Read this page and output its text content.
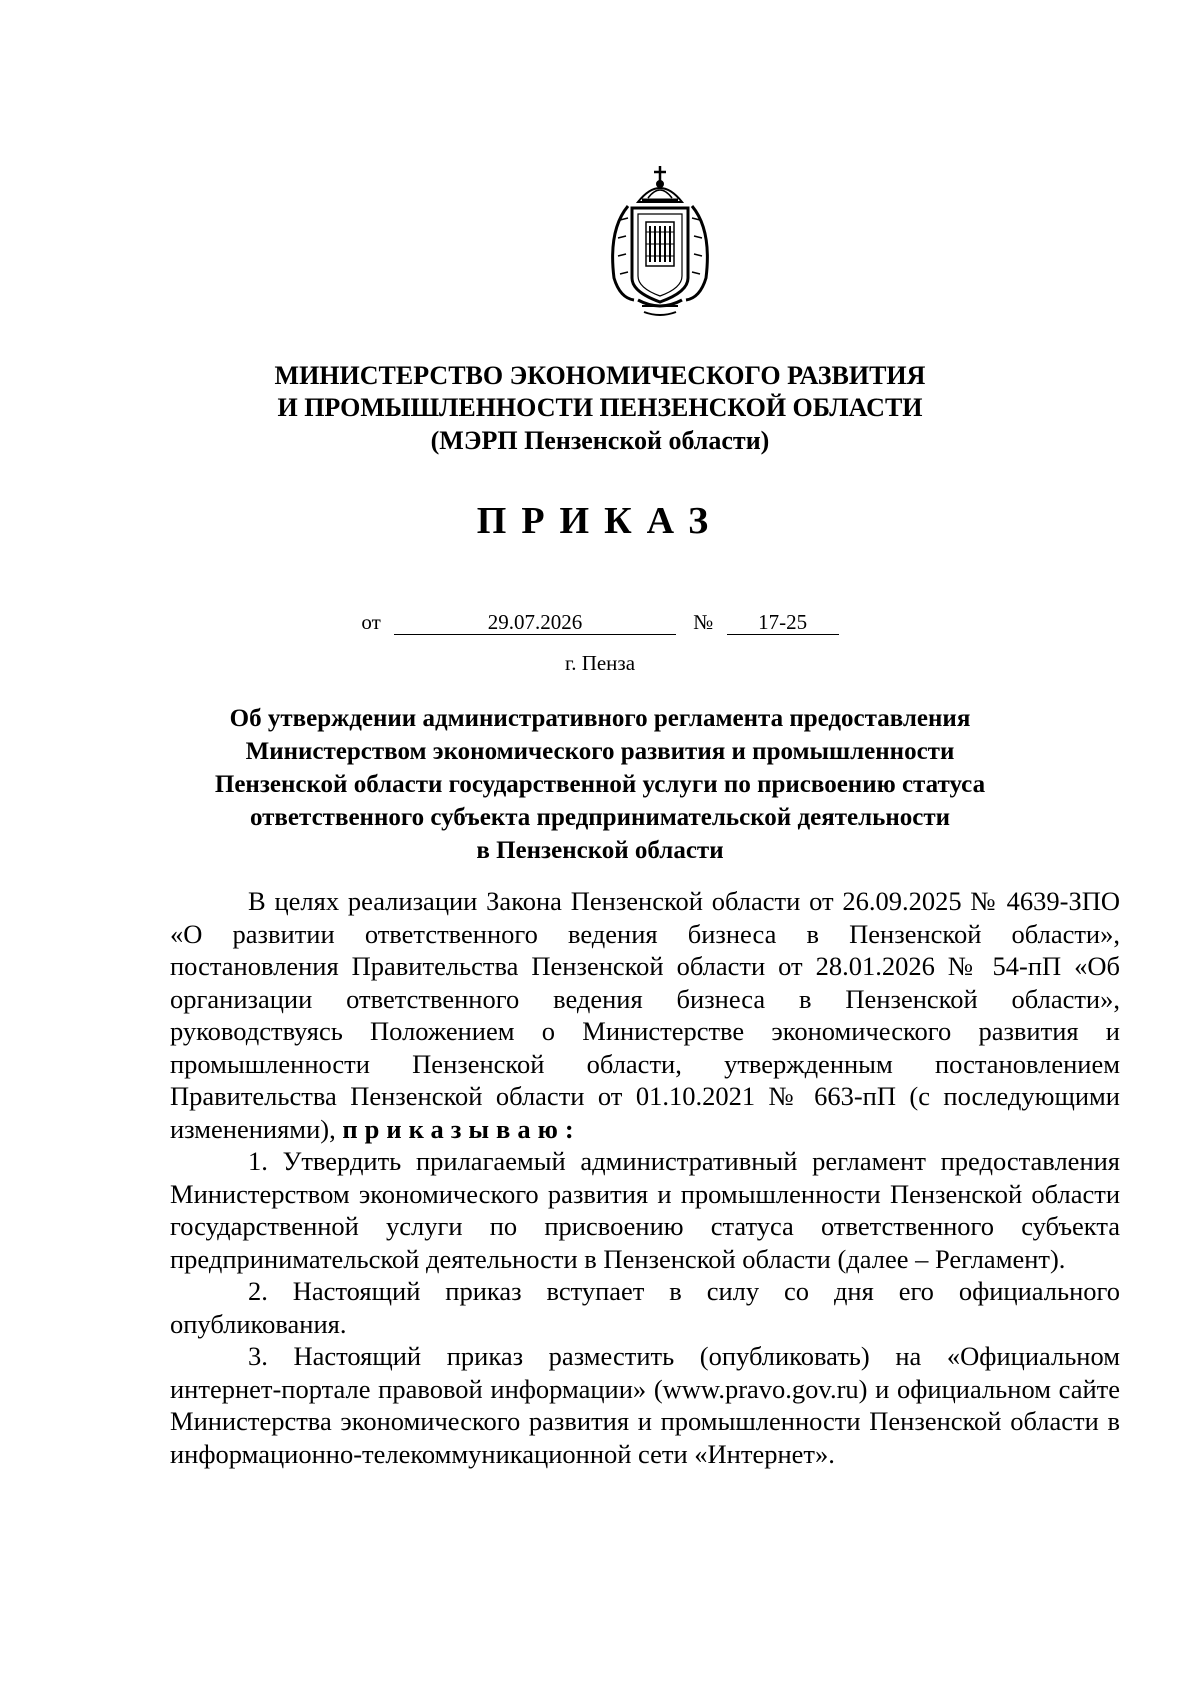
МИНИСТЕРСТВО ЭКОНОМИЧЕСКОГО РАЗВИТИЯ
И ПРОМЫШЛЕННОСТИ ПЕНЗЕНСКОЙ ОБЛАСТИ
(МЭРП Пензенской области)
ПРИКАЗ
от	29.07.2026	№ 17-25
г. Пенза
Об утверждении административного регламента предоставления
Министерством экономического развития и промышленности
Пензенской области государственной услуги по присвоению статуса
ответственного субъекта предпринимательской деятельности
в Пензенской области

В целях реализации Закона Пензенской области от 26.09.2025 № 4639-ЗПО «О развитии ответственного ведения бизнеса в Пензенской области», постановления Правительства Пензенской области от 28.01.2026 № 54-пП «Об организации ответственного ведения бизнеса в Пензенской области», руководствуясь Положением о Министерстве экономического развития и промышленности Пензенской области, утвержденным постановлением Правительства Пензенской области от 01.10.2021 № 663-пП (с последующими изменениями), приказываю:

1. Утвердить прилагаемый административный регламент предоставления Министерством экономического развития и промышленности Пензенской области государственной услуги по присвоению статуса ответственного субъекта предпринимательской деятельности в Пензенской области (далее – Регламент).

2. Настоящий приказ вступает в силу со дня его официального опубликования.

3. Настоящий приказ разместить (опубликовать) на «Официальном интернет-портале правовой информации» (www.pravo.gov.ru) и официальном сайте Министерства экономического развития и промышленности Пензенской области в информационно-телекоммуникационной сети «Интернет».
